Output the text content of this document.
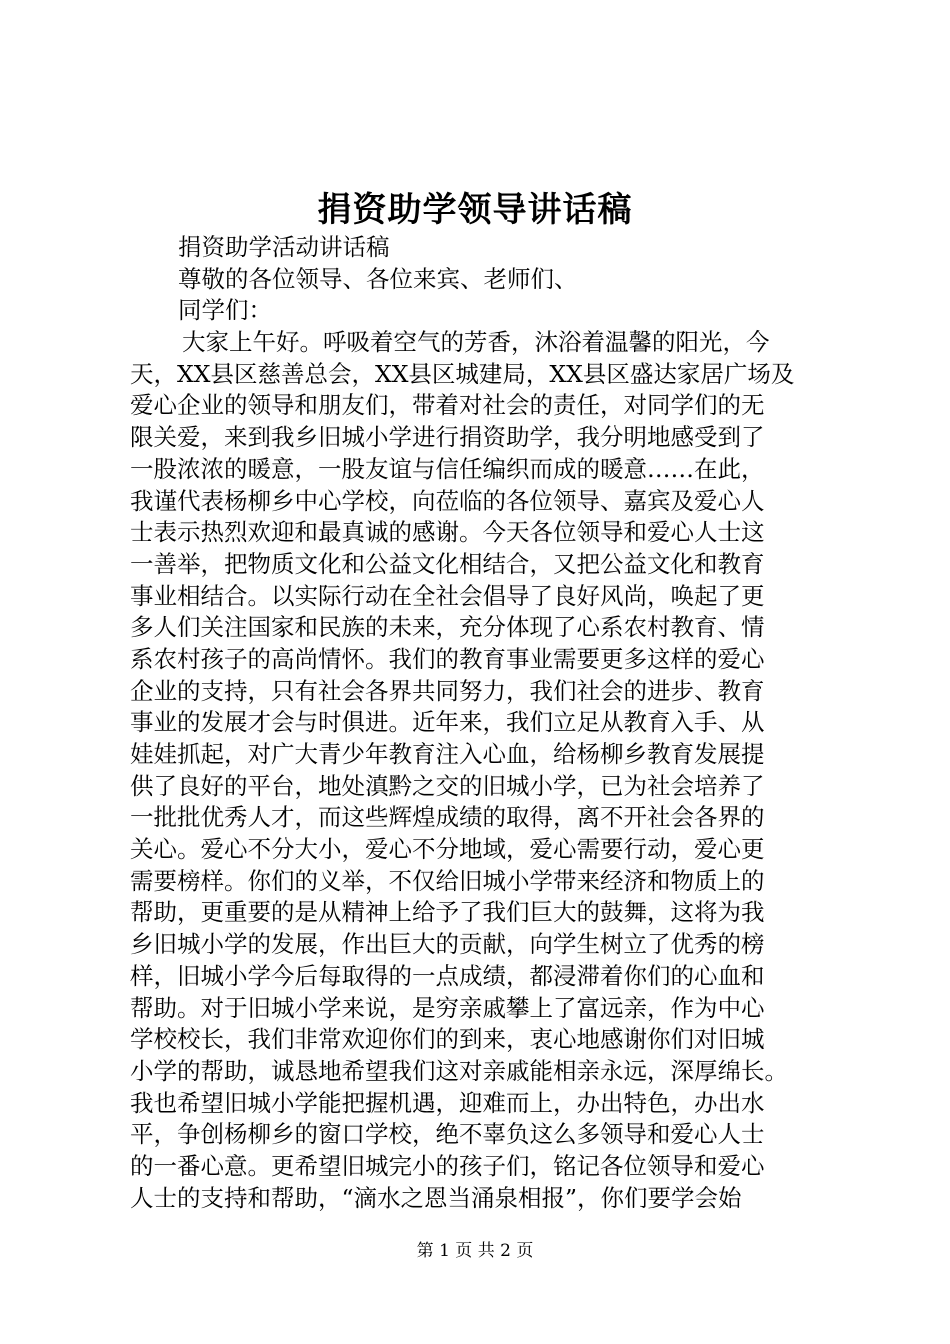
捐资助学领导讲话稿
捐资助学活动讲话稿
尊敬的各位领导、各位来宾、老师们、
同学们：
大家上午好。呼吸着空气的芳香，沐浴着温馨的阳光，今
天，XX县区慈善总会，XX县区城建局，XX县区盛达家居广场及
爱心企业的领导和朋友们，带着对社会的责任，对同学们的无
限关爱，来到我乡旧城小学进行捐资助学，我分明地感受到了
一股浓浓的暖意，一股友谊与信任编织而成的暖意……在此，
我谨代表杨柳乡中心学校，向莅临的各位领导、嘉宾及爱心人
士表示热烈欢迎和最真诚的感谢。今天各位领导和爱心人士这
一善举，把物质文化和公益文化相结合，又把公益文化和教育
事业相结合。以实际行动在全社会倡导了良好风尚，唤起了更
多人们关注国家和民族的未来，充分体现了心系农村教育、情
系农村孩子的高尚情怀。我们的教育事业需要更多这样的爱心
企业的支持，只有社会各界共同努力，我们社会的进步、教育
事业的发展才会与时俱进。近年来，我们立足从教育入手、从
娃娃抓起，对广大青少年教育注入心血，给杨柳乡教育发展提
供了良好的平台，地处滇黔之交的旧城小学，已为社会培养了
一批批优秀人才，而这些辉煌成绩的取得，离不开社会各界的
关心。爱心不分大小，爱心不分地域，爱心需要行动，爱心更
需要榜样。你们的义举，不仅给旧城小学带来经济和物质上的
帮助，更重要的是从精神上给予了我们巨大的鼓舞，这将为我
乡旧城小学的发展，作出巨大的贡献，向学生树立了优秀的榜
样，旧城小学今后每取得的一点成绩，都浸滞着你们的心血和
帮助。对于旧城小学来说，是穷亲戚攀上了富远亲，作为中心
学校校长，我们非常欢迎你们的到来，衷心地感谢你们对旧城
小学的帮助，诚恳地希望我们这对亲戚能相亲永远，深厚绵长。
我也希望旧城小学能把握机遇，迎难而上，办出特色，办出水
平，争创杨柳乡的窗口学校，绝不辜负这么多领导和爱心人士
的一番心意。更希望旧城完小的孩子们，铭记各位领导和爱心
人士的支持和帮助，“滴水之恩当涌泉相报”，你们要学会始
第 1 页 共 2 页
